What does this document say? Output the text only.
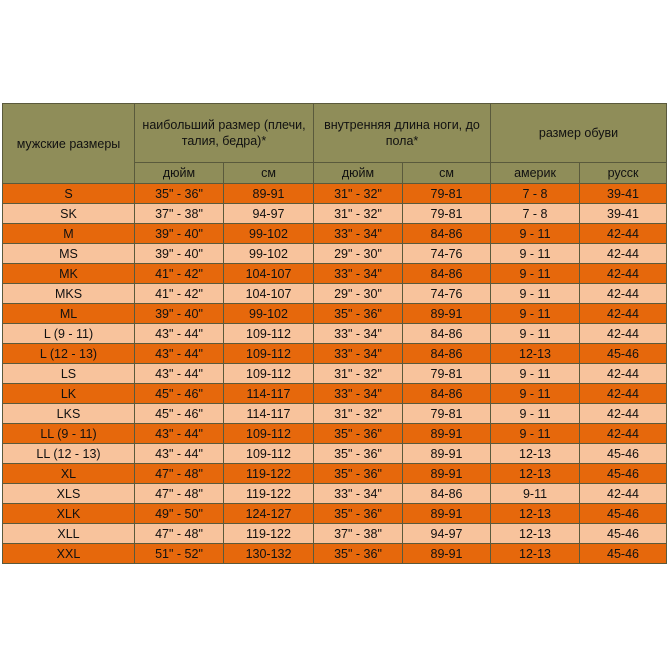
мужские размеры	наибольший размер (плечи, талия, бедра)*		внутренняя длина ноги, до пола*		размер обуви	
	дюйм	см	дюйм	см	америк	русск
S	35" - 36"	89-91	31" - 32"	79-81	7 - 8	39-41
SK	37" - 38"	94-97	31" - 32"	79-81	7 - 8	39-41
M	39" - 40"	99-102	33" - 34"	84-86	9 - 11	42-44
MS	39" - 40"	99-102	29" - 30"	74-76	9 - 11	42-44
MK	41" - 42"	104-107	33" - 34"	84-86	9 - 11	42-44
MKS	41" - 42"	104-107	29" - 30"	74-76	9 - 11	42-44
ML	39" - 40"	99-102	35" - 36"	89-91	9 - 11	42-44
L (9 - 11)	43" - 44"	109-112	33" - 34"	84-86	9 - 11	42-44
L (12 - 13)	43" - 44"	109-112	33" - 34"	84-86	12-13	45-46
LS	43" - 44"	109-112	31" - 32"	79-81	9 - 11	42-44
LK	45" - 46"	114-117	33" - 34"	84-86	9 - 11	42-44
LKS	45" - 46"	114-117	31" - 32"	79-81	9 - 11	42-44
LL (9 - 11)	43" - 44"	109-112	35" - 36"	89-91	9 - 11	42-44
LL (12 - 13)	43" - 44"	109-112	35" - 36"	89-91	12-13	45-46
XL	47" - 48"	119-122	35" - 36"	89-91	12-13	45-46
XLS	47" - 48"	119-122	33" - 34"	84-86	9-11	42-44
XLK	49" - 50"	124-127	35" - 36"	89-91	12-13	45-46
XLL	47" - 48"	119-122	37" - 38"	94-97	12-13	45-46
XXL	51" - 52"	130-132	35" - 36"	89-91	12-13	45-46
